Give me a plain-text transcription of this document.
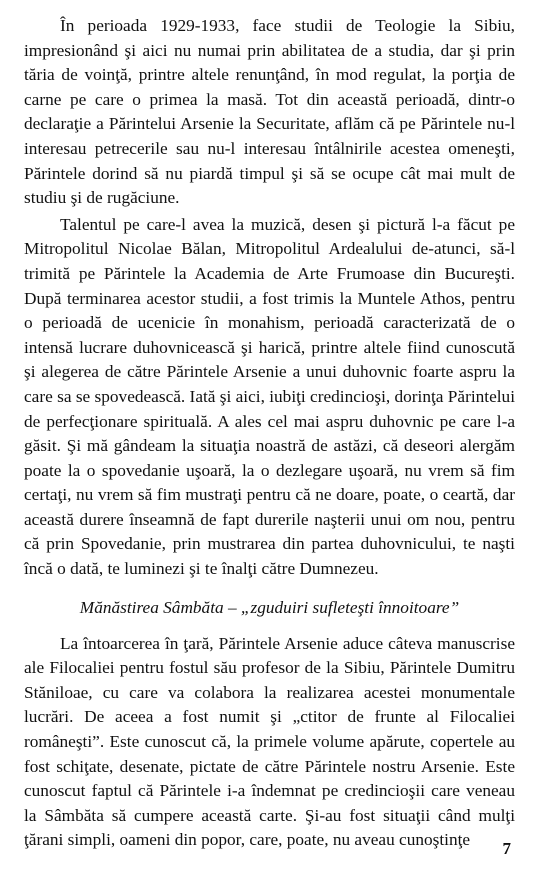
În perioada 1929-1933, face studii de Teologie la Sibiu, impresionând şi aici nu numai prin abilitatea de a studia, dar şi prin tăria de voinţă, printre altele renunţând, în mod regulat, la porţia de carne pe care o primea la masă. Tot din această perioadă, dintr-o declaraţie a Părintelui Arsenie la Securitate, aflăm că pe Părintele nu-l interesau petrecerile sau nu-l interesau întâlnirile acestea omeneşti, Părintele dorind să nu piardă timpul şi să se ocupe cât mai mult de studiu şi de rugăciune.

Talentul pe care-l avea la muzică, desen şi pictură l-a făcut pe Mitropolitul Nicolae Bălan, Mitropolitul Ardealului de-atunci, să-l trimită pe Părintele la Academia de Arte Frumoase din Bucureşti. După terminarea acestor studii, a fost trimis la Muntele Athos, pentru o perioadă de ucenicie în monahism, perioadă caracterizată de o intensă lucrare duhovnicească şi harică, printre altele fiind cunoscută şi alegerea de către Părintele Arsenie a unui duhovnic foarte aspru la care sa se spovedească. Iată şi aici, iubiţi credincioşi, dorinţa Părintelui de perfecţionare spirituală. A ales cel mai aspru duhovnic pe care l-a găsit. Şi mă gândeam la situaţia noastră de astăzi, că deseori alergăm poate la o spovedanie uşoară, la o dezlegare uşoară, nu vrem să fim certaţi, nu vrem să fim mustraţi pentru că ne doare, poate, o ceartă, dar această durere înseamnă de fapt durerile naşterii unui om nou, pentru că prin Spovedanie, prin mustrarea din partea duhovnicului, te naşti încă o dată, te luminezi şi te înalţi către Dumnezeu.

Mănăstirea Sâmbăta – „zguduiri sufleteşti înnoitoare”

La întoarcerea în ţară, Părintele Arsenie aduce câteva manuscrise ale Filocaliei pentru fostul său profesor de la Sibiu, Părintele Dumitru Stăniloae, cu care va colabora la realizarea acestei monumentale lucrări. De aceea a fost numit şi „ctitor de frunte al Filocaliei româneşti”. Este cunoscut că, la primele volume apărute, copertele au fost schiţate, desenate, pictate de către Părintele nostru Arsenie. Este cunoscut faptul că Părintele i-a îndemnat pe credincioşii care veneau la Sâmbăta să cumpere această carte. Şi-au fost situaţii când mulţi ţărani simpli, oameni din popor, care, poate, nu aveau cunoştinţe	7
